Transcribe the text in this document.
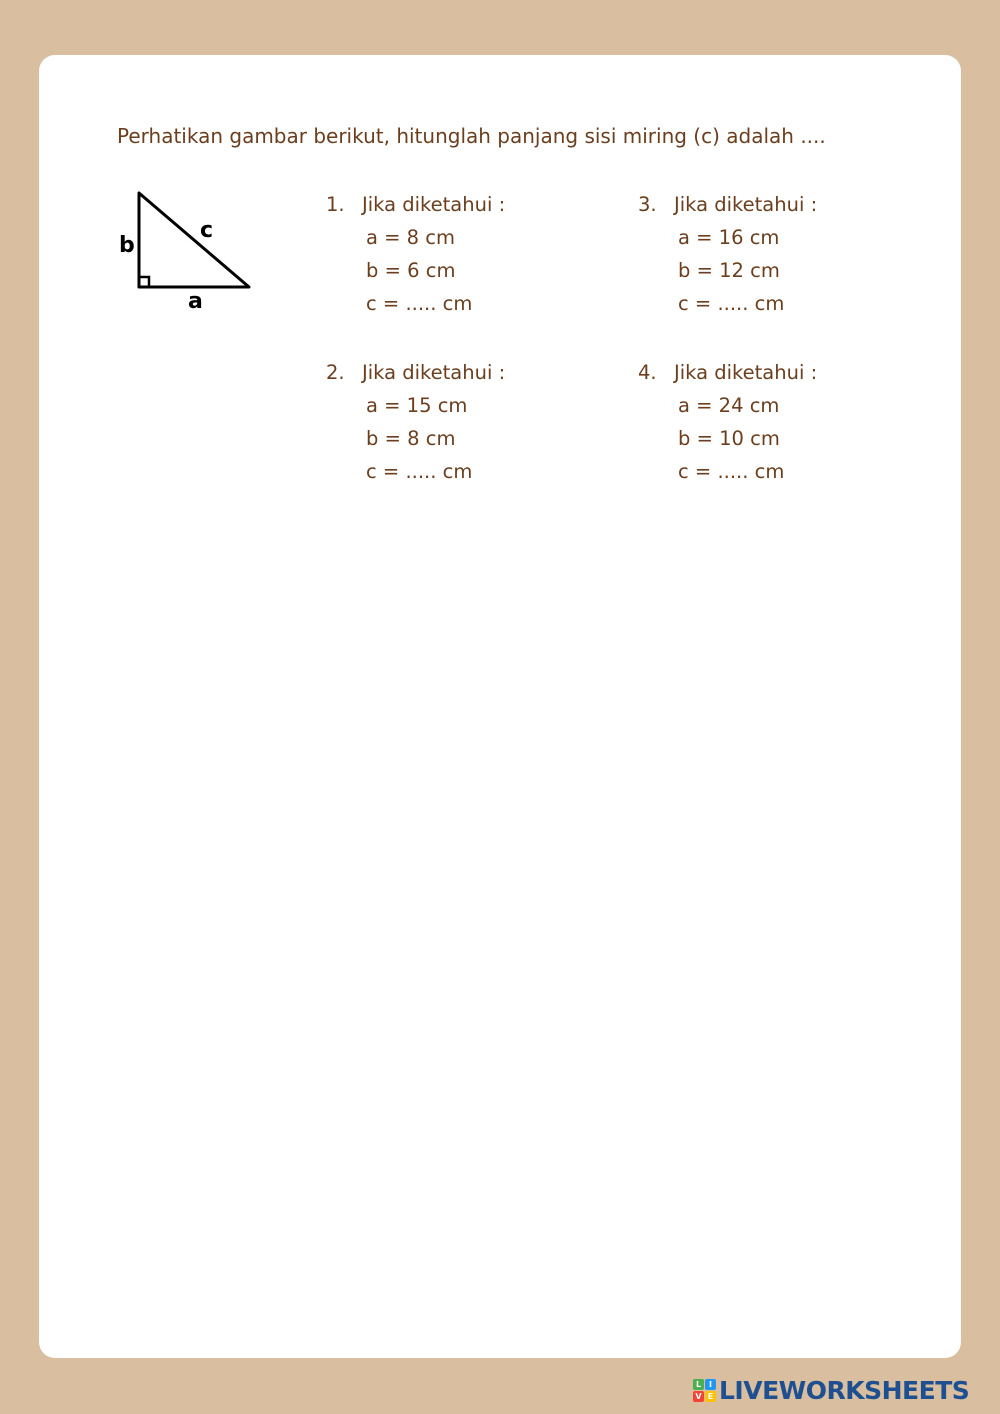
Perhatikan gambar berikut, hitunglah panjang sisi miring (c) adalah ....
b
c
a
1. Jika diketahui :
a = 8 cm
b = 6 cm
c = ..... cm
2. Jika diketahui :
a = 15 cm
b = 8 cm
c = ..... cm
3. Jika diketahui :
a = 16 cm
b = 12 cm
c = ..... cm
4. Jika diketahui :
a = 24 cm
b = 10 cm
c = ..... cm
L I
V E LIVEWORKSHEETS
